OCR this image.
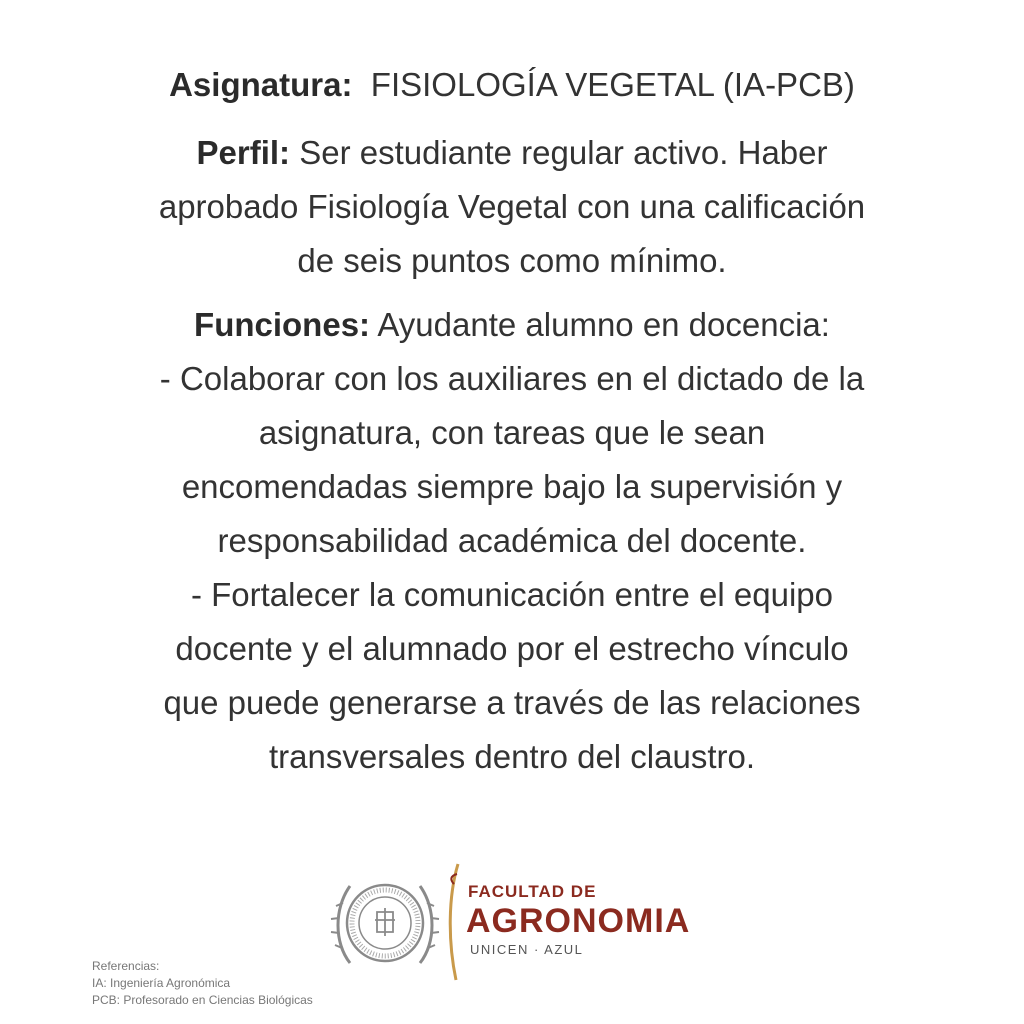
Asignatura: FISIOLOGÍA VEGETAL (IA-PCB)

Perfil: Ser estudiante regular activo. Haber
aprobado Fisiología Vegetal con una calificación
de seis puntos como mínimo.

Funciones: Ayudante alumno en docencia:
- Colaborar con los auxiliares en el dictado de la
asignatura, con tareas que le sean
encomendadas siempre bajo la supervisión y
responsabilidad académica del docente.
- Fortalecer la comunicación entre el equipo
docente y el alumnado por el estrecho vínculo
que puede generarse a través de las relaciones
transversales dentro del claustro.

FACULTAD DE
AGRONOMIA
UNICEN · AZUL
Referencias:
IA: Ingeniería Agronómica
PCB: Profesorado en Ciencias Biológicas
